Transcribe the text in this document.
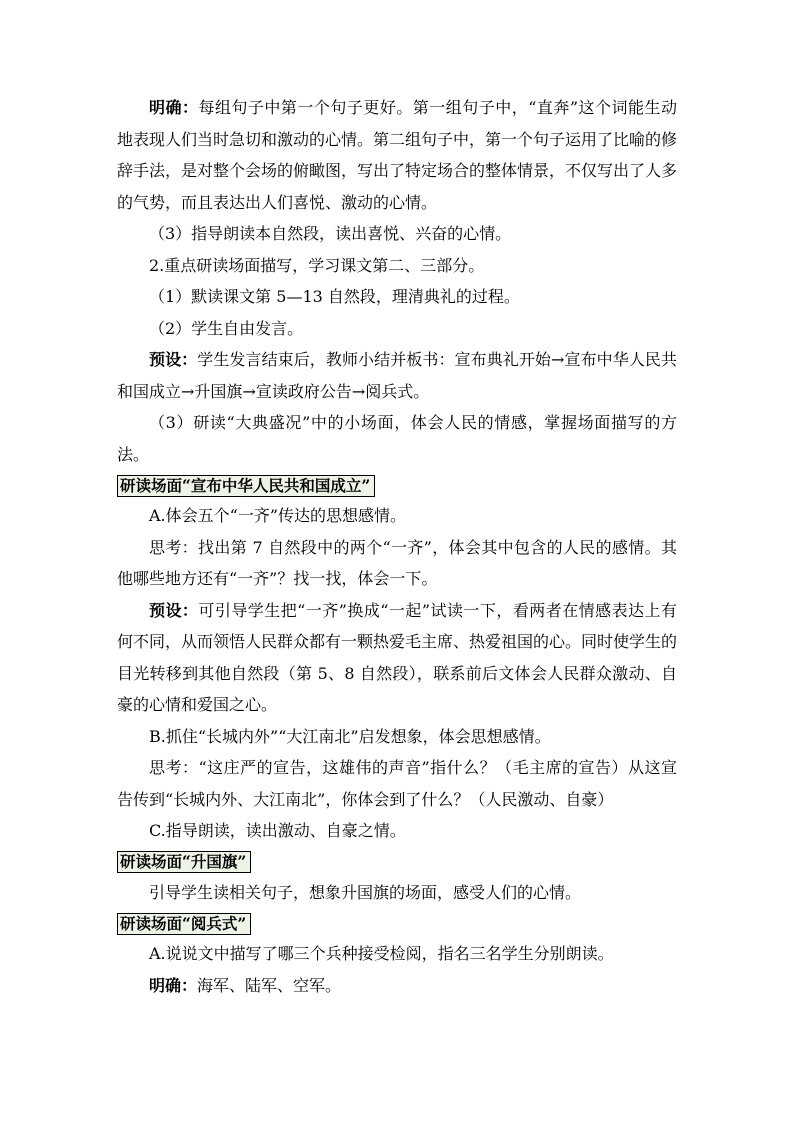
明确：每组句子中第一个句子更好。第一组句子中，“直奔”这个词能生动地表现人们当时急切和激动的心情。第二组句子中，第一个句子运用了比喻的修辞手法，是对整个会场的俯瞰图，写出了特定场合的整体情景，不仅写出了人多的气势，而且表达出人们喜悦、激动的心情。

（3）指导朗读本自然段，读出喜悦、兴奋的心情。

2.重点研读场面描写，学习课文第二、三部分。

（1）默读课文第 5—13 自然段，理清典礼的过程。

（2）学生自由发言。

预设：学生发言结束后，教师小结并板书：宣布典礼开始→宣布中华人民共和国成立→升国旗→宣读政府公告→阅兵式。

（3）研读“大典盛况”中的小场面，体会人民的情感，掌握场面描写的方法。

研读场面“宣布中华人民共和国成立”

A.体会五个“一齐”传达的思想感情。

思考：找出第 7 自然段中的两个“一齐”，体会其中包含的人民的感情。其他哪些地方还有“一齐”？找一找，体会一下。

预设：可引导学生把“一齐”换成“一起”试读一下，看两者在情感表达上有何不同，从而领悟人民群众都有一颗热爱毛主席、热爱祖国的心。同时使学生的目光转移到其他自然段（第 5、8 自然段），联系前后文体会人民群众激动、自豪的心情和爱国之心。

B.抓住“长城内外”“大江南北”启发想象，体会思想感情。

思考：“这庄严的宣告，这雄伟的声音”指什么？（毛主席的宣告）从这宣告传到“长城内外、大江南北”，你体会到了什么？（人民激动、自豪）

C.指导朗读，读出激动、自豪之情。

研读场面“升国旗”

引导学生读相关句子，想象升国旗的场面，感受人们的心情。

研读场面“阅兵式”

A.说说文中描写了哪三个兵种接受检阅，指名三名学生分别朗读。

明确：海军、陆军、空军。
